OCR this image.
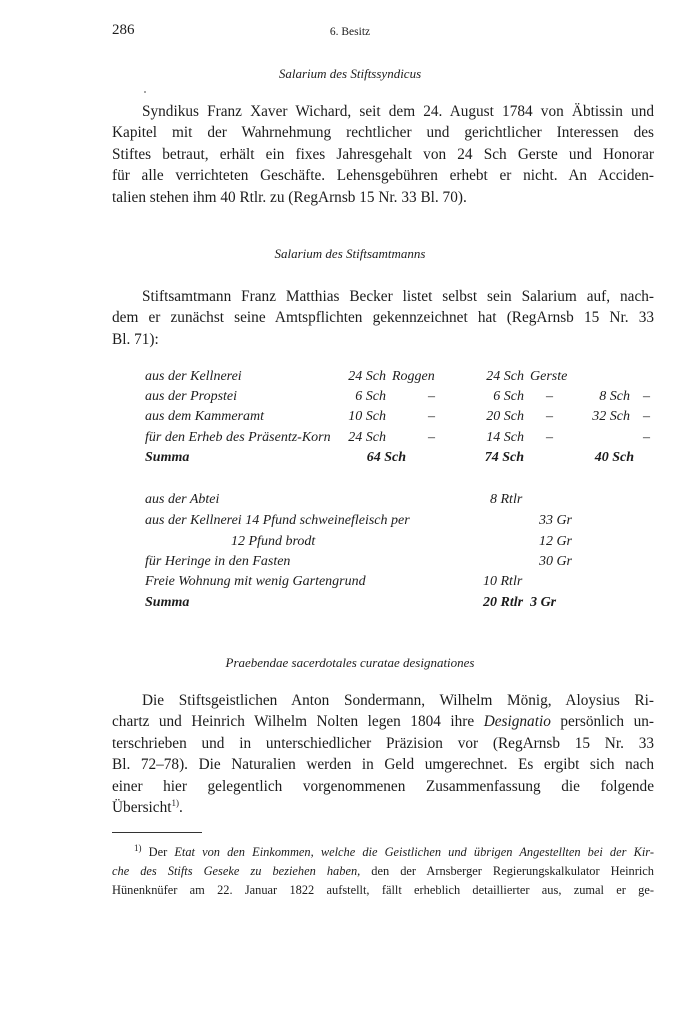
286	6. Besitz
Salarium des Stiftssyndicus
Syndikus Franz Xaver Wichard, seit dem 24. August 1784 von Äbtissin und
Kapitel mit der Wahrnehmung rechtlicher und gerichtlicher Interessen des
Stiftes betraut, erhält ein fixes Jahresgehalt von 24 Sch Gerste und Honorar
für alle verrichteten Geschäfte. Lehensgebühren erhebt er nicht. An Acciden-
talien stehen ihm 40 Rtlr. zu (RegArnsb 15 Nr. 33 Bl. 70).
Salarium des Stiftsamtmanns
Stiftsamtmann Franz Matthias Becker listet selbst sein Salarium auf, nach-
dem er zunächst seine Amtspflichten gekennzeichnet hat (RegArnsb 15 Nr. 33
Bl. 71):
aus der Kellnerei	24 Sch Roggen	24 Sch Gerste
aus der Propstei	6 Sch	–	6 Sch –	8 Sch –
aus dem Kammeramt	10 Sch	–	20 Sch –	32 Sch –
für den Erheb des Präsentz-Korn	24 Sch	–	14 Sch –	–
Summa	64 Sch	74 Sch	40 Sch
aus der Abtei	8 Rtlr
aus der Kellnerei 14 Pfund schweinefleisch per	33 Gr
12 Pfund brodt	12 Gr
für Heringe in den Fasten	30 Gr
Freie Wohnung mit wenig Gartengrund	10 Rtlr
Summa	20 Rtlr  3 Gr
Praebendae sacerdotales curatae designationes
Die Stiftsgeistlichen Anton Sondermann, Wilhelm Mönig, Aloysius Ri-
chartz und Heinrich Wilhelm Nolten legen 1804 ihre Designatio persönlich un-
terschrieben und in unterschiedlicher Präzision vor (RegArnsb 15 Nr. 33
Bl. 72–78). Die Naturalien werden in Geld umgerechnet. Es ergibt sich nach
einer hier gelegentlich vorgenommenen Zusammenfassung die folgende
Übersicht$^{1)}$.
$^{1)}$ Der Etat von den Einkommen, welche die Geistlichen und übrigen Angestellten bei der Kir-
che des Stifts Geseke zu beziehen haben, den der Arnsberger Regierungskalkulator Heinrich
Hünenknüfer am 22. Januar 1822 aufstellt, fällt erheblich detaillierter aus, zumal er ge-
